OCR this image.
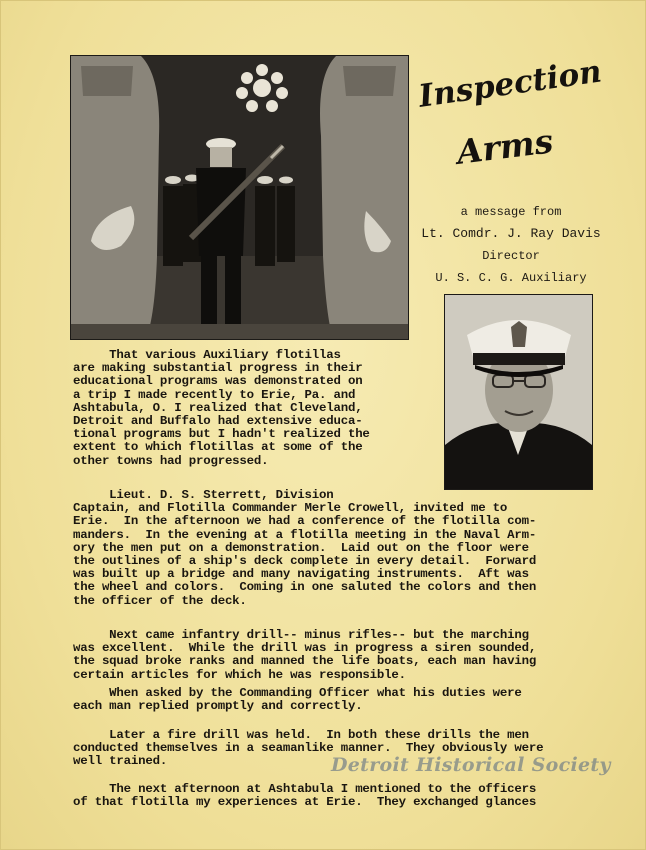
Inspection
Arms
a message from
Lt. Comdr. J. Ray Davis
Director
U. S. C. G. Auxiliary
That various Auxiliary flotillas
are making substantial progress in their
educational programs was demonstrated on
a trip I made recently to Erie, Pa. and
Ashtabula, O. I realized that Cleveland,
Detroit and Buffalo had extensive educa-
tional programs but I hadn't realized the
extent to which flotillas at some of the
other towns had progressed.
Lieut. D. S. Sterrett, Division
Captain, and Flotilla Commander Merle Crowell, invited me to
Erie.  In the afternoon we had a conference of the flotilla com-
manders.  In the evening at a flotilla meeting in the Naval Arm-
ory the men put on a demonstration.  Laid out on the floor were
the outlines of a ship's deck complete in every detail.  Forward
was built up a bridge and many navigating instruments.  Aft was
the wheel and colors.  Coming in one saluted the colors and then
the officer of the deck.
Next came infantry drill-- minus rifles-- but the marching
was excellent.  While the drill was in progress a siren sounded,
the squad broke ranks and manned the life boats, each man having
certain articles for which he was responsible.
When asked by the Commanding Officer what his duties were
each man replied promptly and correctly.
Later a fire drill was held.  In both these drills the men
conducted themselves in a seamanlike manner.  They obviously were
well trained.
The next afternoon at Ashtabula I mentioned to the officers
of that flotilla my experiences at Erie.  They exchanged glances
Detroit Historical Society
